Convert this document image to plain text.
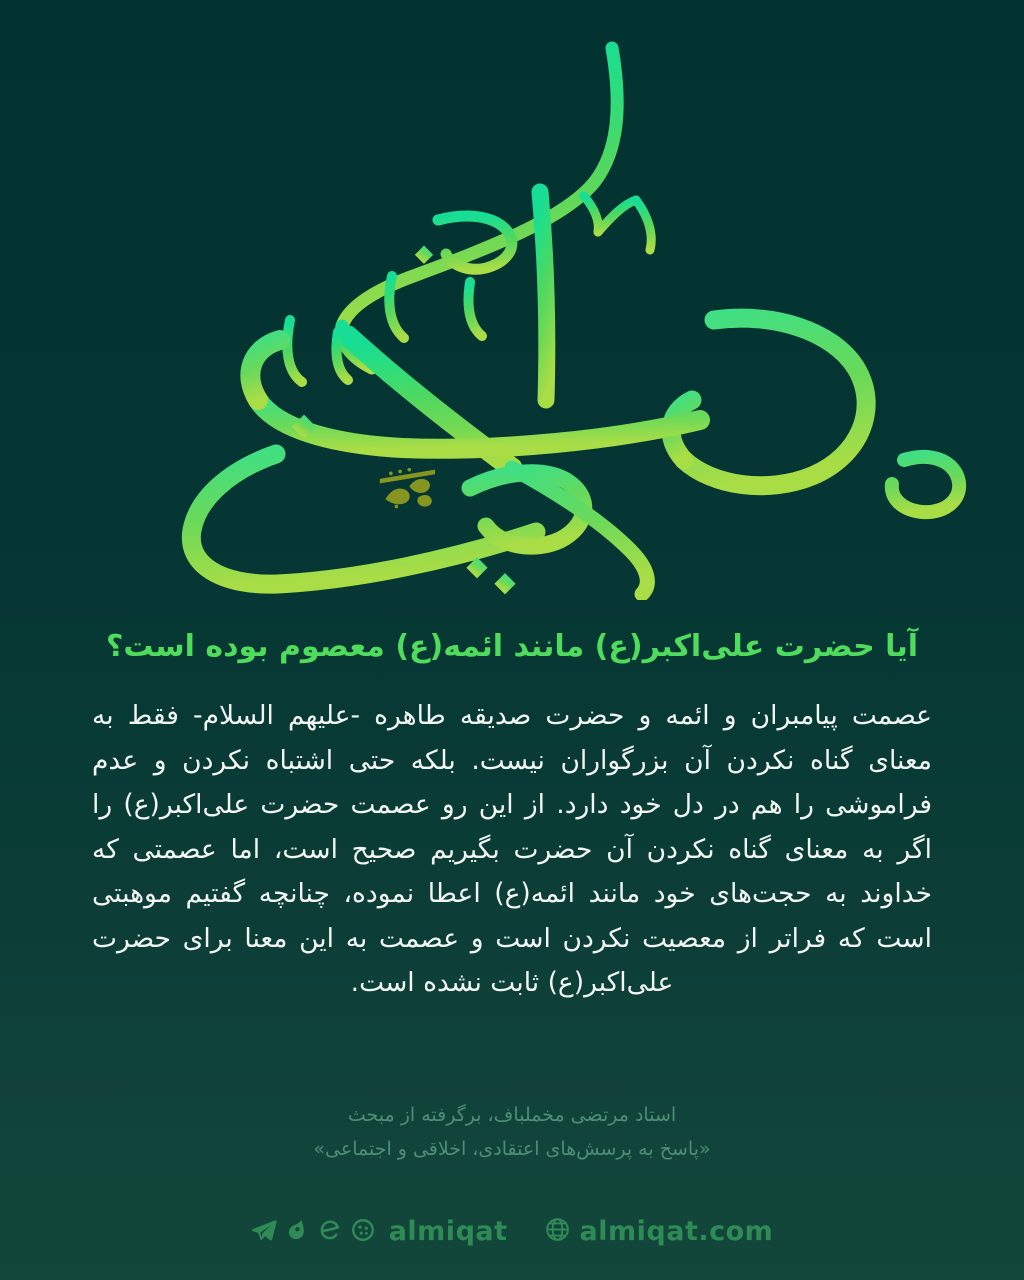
آیا حضرت علی‌اکبر(ع) مانند ائمه(ع) معصوم بوده است؟

عصمت پیامبران و ائمه و حضرت صدیقه طاهره -علیهم السلام- فقط به معنای گناه نکردن آن بزرگواران نیست. بلکه حتی اشتباه نکردن و عدم فراموشی را هم در دل خود دارد. از این رو عصمت حضرت علی‌اکبر(ع) را اگر به معنای گناه نکردن آن حضرت بگیریم صحیح است، اما عصمتی که خداوند به حجت‌های خود مانند ائمه(ع) اعطا نموده، چنانچه گفتیم موهبتی است که فراتر از معصیت نکردن است و عصمت به این معنا برای حضرت علی‌اکبر(ع) ثابت نشده است.

استاد مرتضی مخملباف، برگرفته از مبحث
«پاسخ به پرسش‌های اعتقادی، اخلاقی و اجتماعی»
almiqat.com
almiqat
